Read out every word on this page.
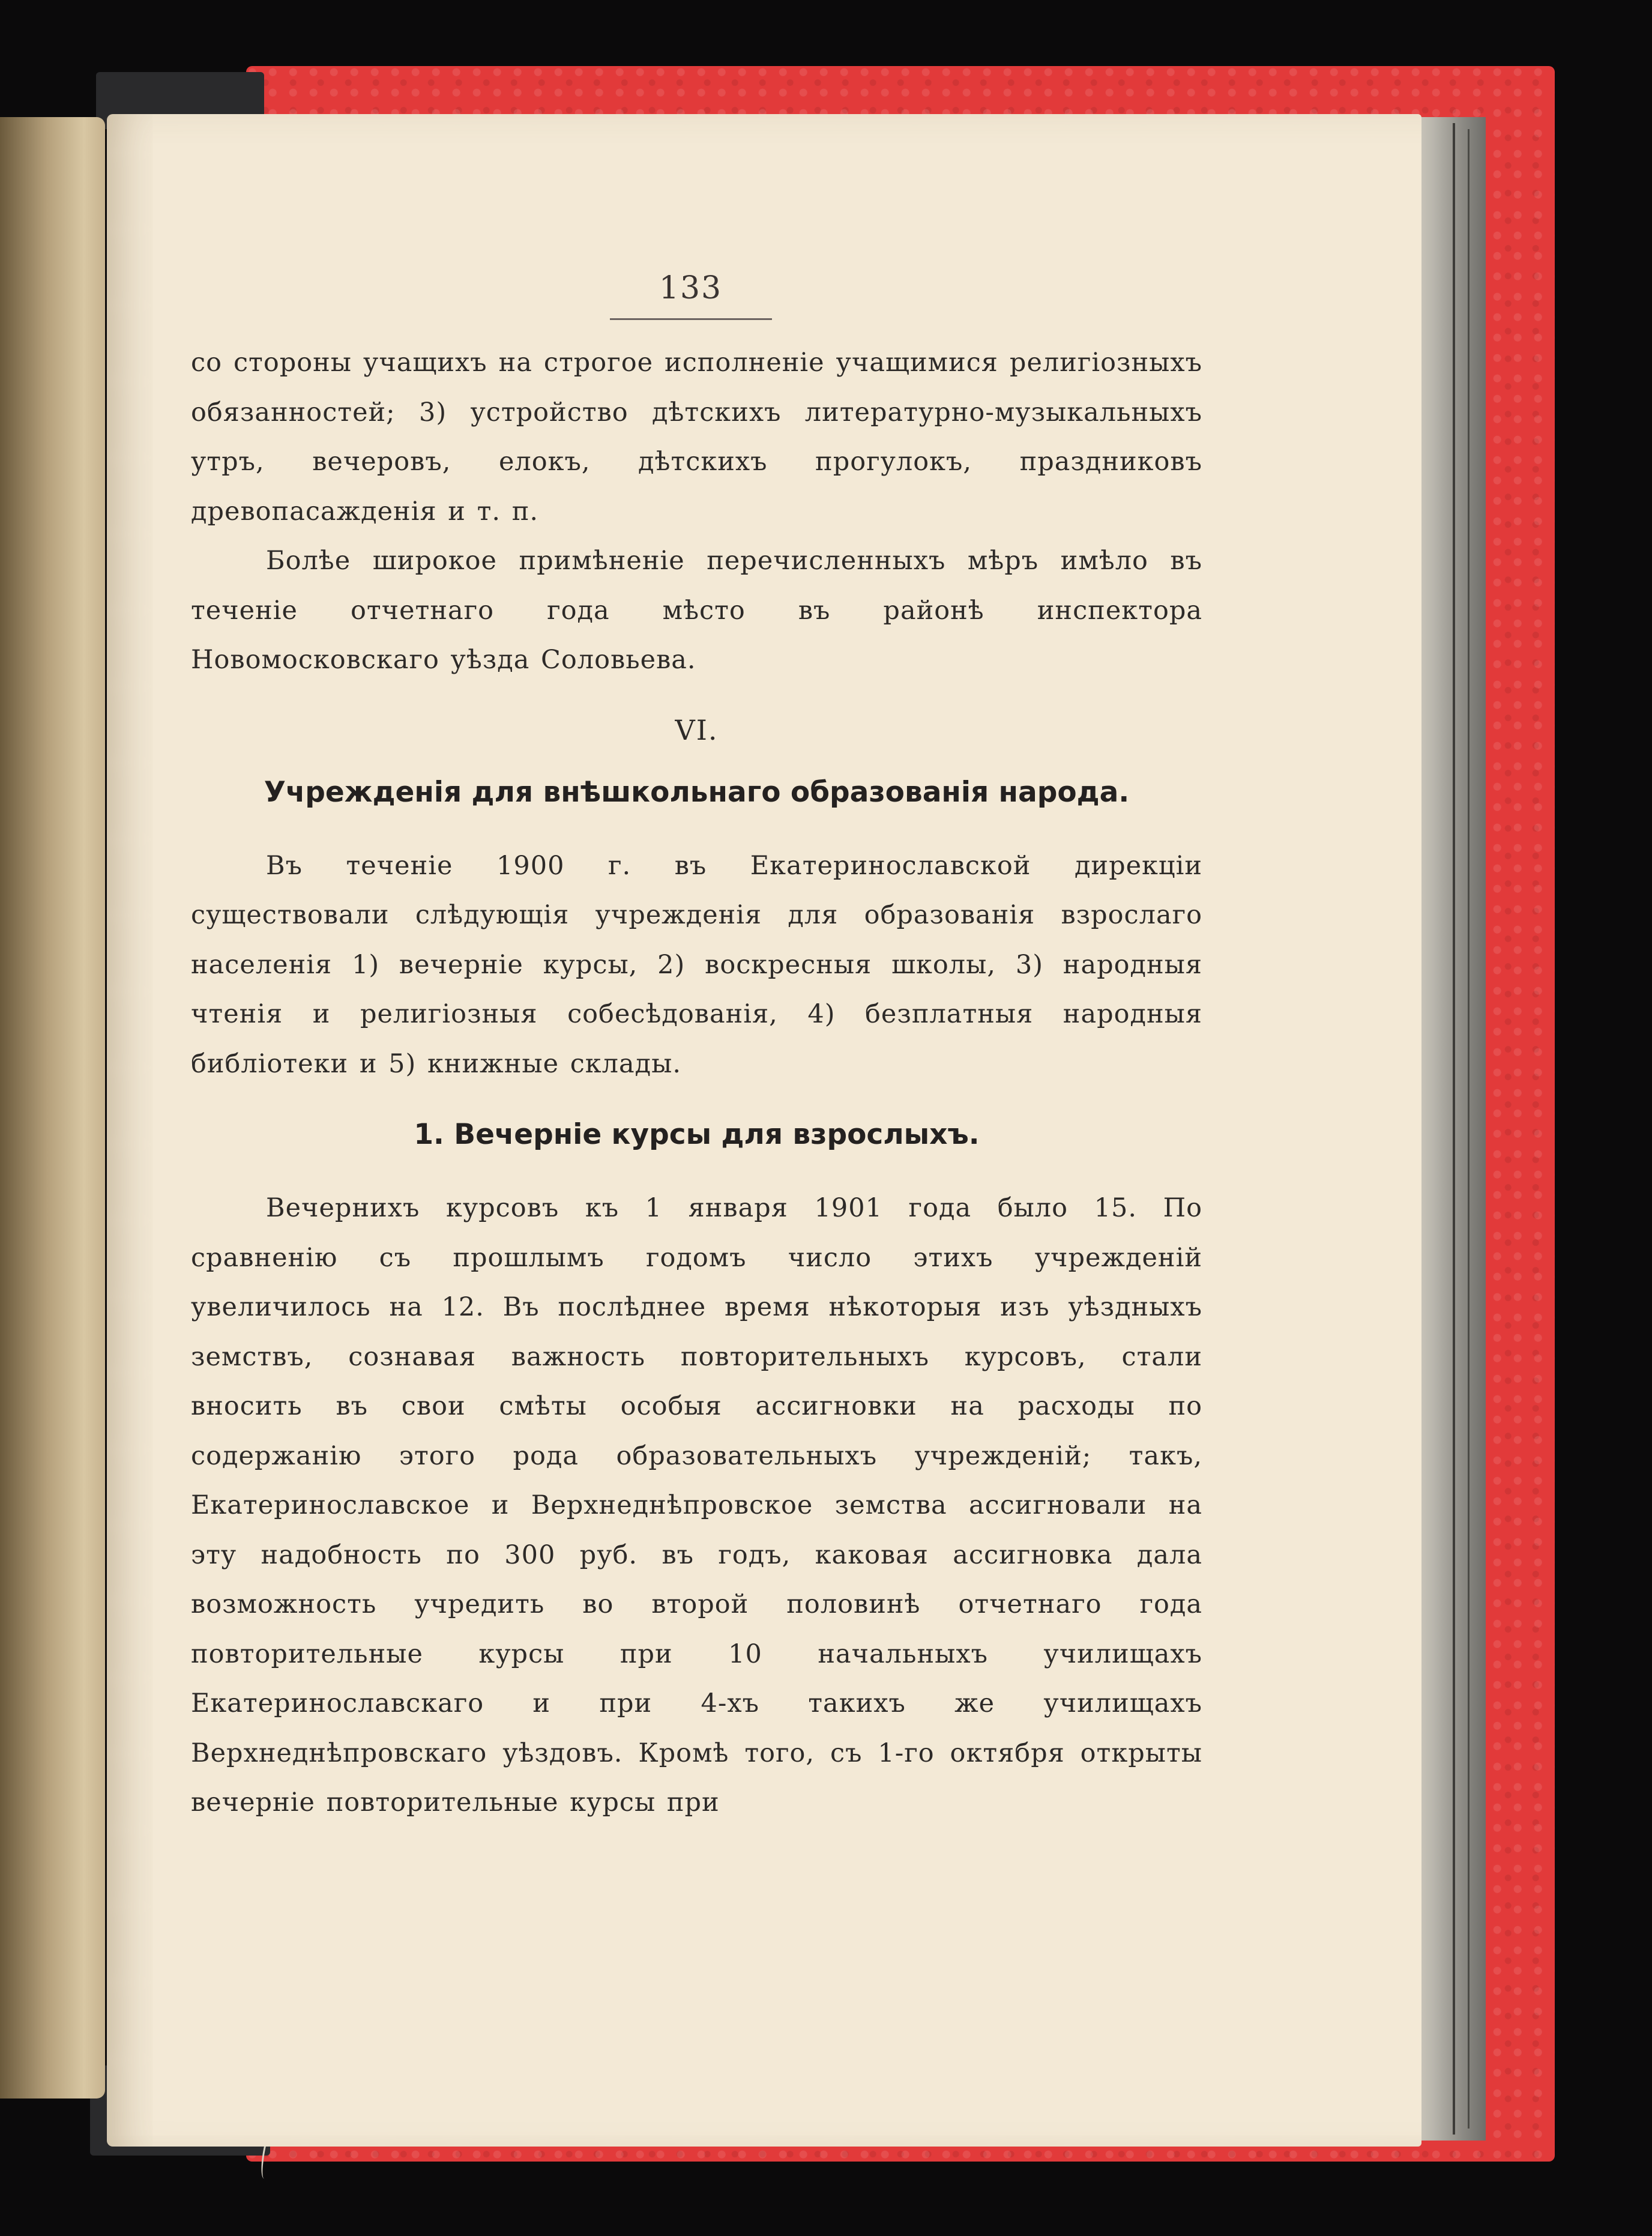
133

со стороны учащихъ на строгое исполненіе учащимися религіозныхъ обязанностей; 3) устройство дѣтскихъ литературно-музыкальныхъ утръ, вечеровъ, елокъ, дѣтскихъ прогулокъ, праздниковъ древопасажденія и т. п.

Болѣе широкое примѣненіе перечисленныхъ мѣръ имѣло въ теченіе отчетнаго года мѣсто въ районѣ инспектора Новомосковскаго уѣзда Соловьева.

VI.
Учрежденія для внѣшкольнаго образованія народа.

Въ теченіе 1900 г. въ Екатеринославской дирекціи существовали слѣдующія учрежденія для образованія взрослаго населенія 1) вечерніе курсы, 2) воскресныя школы, 3) народныя чтенія и религіозныя собесѣдованія, 4) безплатныя народныя библіотеки и 5) книжные склады.

1. Вечерніе курсы для взрослыхъ.

Вечернихъ курсовъ къ 1 января 1901 года было 15. По сравненію съ прошлымъ годомъ число этихъ учрежденій увеличилось на 12. Въ послѣднее время нѣкоторыя изъ уѣздныхъ земствъ, сознавая важность повторительныхъ курсовъ, стали вносить въ свои смѣты особыя ассигновки на расходы по содержанію этого рода образовательныхъ учрежденій; такъ, Екатеринославское и Верхнеднѣпровское земства ассигновали на эту надобность по 300 руб. въ годъ, каковая ассигновка дала возможность учредить во второй половинѣ отчетнаго года повторительные курсы при 10 начальныхъ училищахъ Екатеринославскаго и при 4-хъ такихъ же училищахъ Верхнеднѣпровскаго уѣздовъ. Кромѣ того, съ 1-го октября открыты вечерніе повторительные курсы при
